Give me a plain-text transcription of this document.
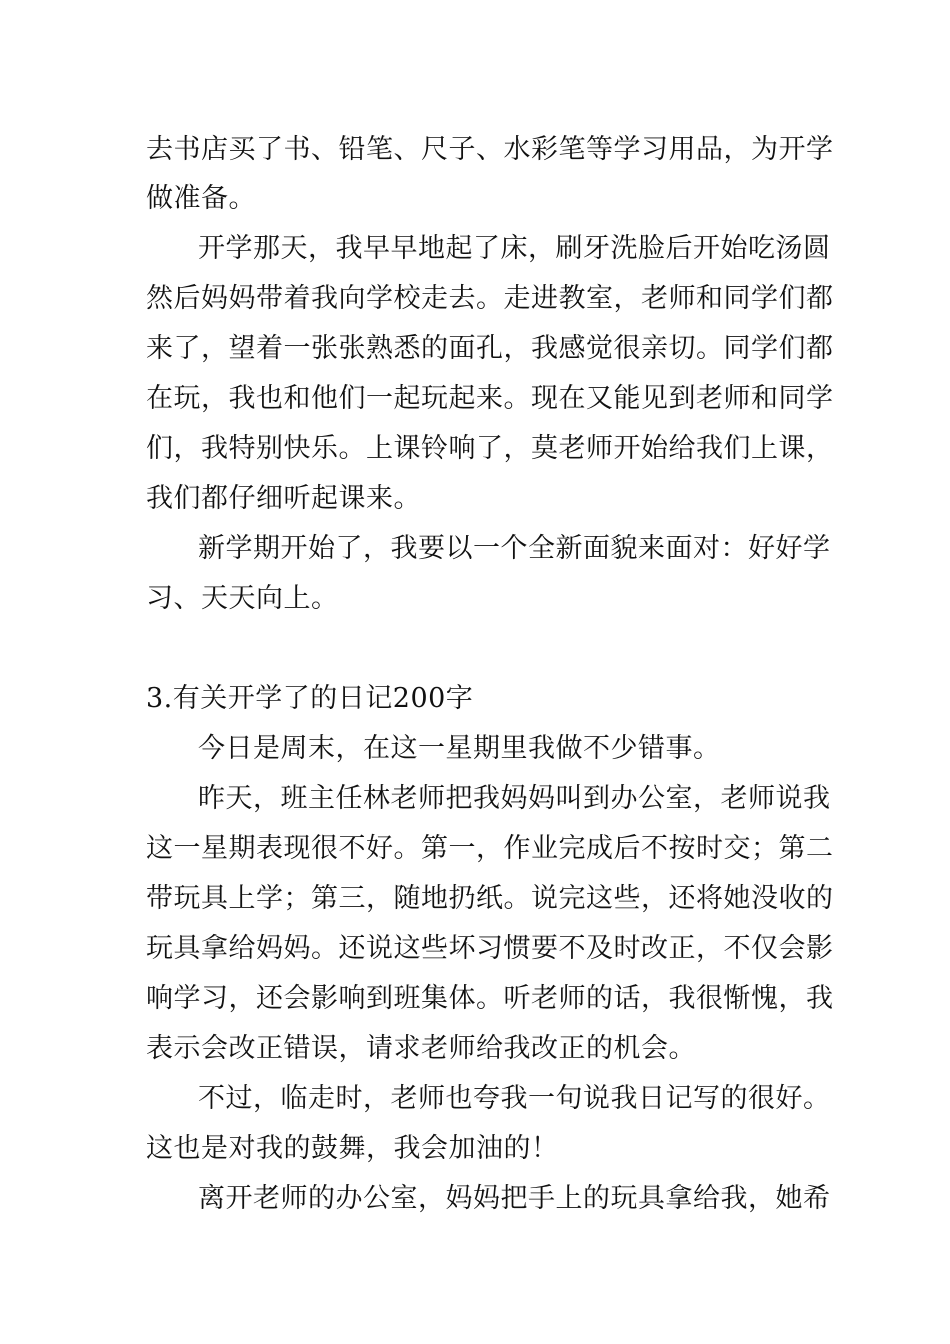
去书店买了书、铅笔、尺子、水彩笔等学习用品，为开学
做准备。
开学那天，我早早地起了床，刷牙洗脸后开始吃汤圆
然后妈妈带着我向学校走去。走进教室，老师和同学们都
来了，望着一张张熟悉的面孔，我感觉很亲切。同学们都
在玩，我也和他们一起玩起来。现在又能见到老师和同学
们，我特别快乐。上课铃响了，莫老师开始给我们上课，
我们都仔细听起课来。
新学期开始了，我要以一个全新面貌来面对：好好学
习、天天向上。
3.有关开学了的日记200字
今日是周末，在这一星期里我做不少错事。
昨天，班主任林老师把我妈妈叫到办公室，老师说我
这一星期表现很不好。第一，作业完成后不按时交；第二
带玩具上学；第三，随地扔纸。说完这些，还将她没收的
玩具拿给妈妈。还说这些坏习惯要不及时改正，不仅会影
响学习，还会影响到班集体。听老师的话，我很惭愧，我
表示会改正错误，请求老师给我改正的机会。
不过，临走时，老师也夸我一句说我日记写的很好。
这也是对我的鼓舞，我会加油的！
离开老师的办公室，妈妈把手上的玩具拿给我，她希
